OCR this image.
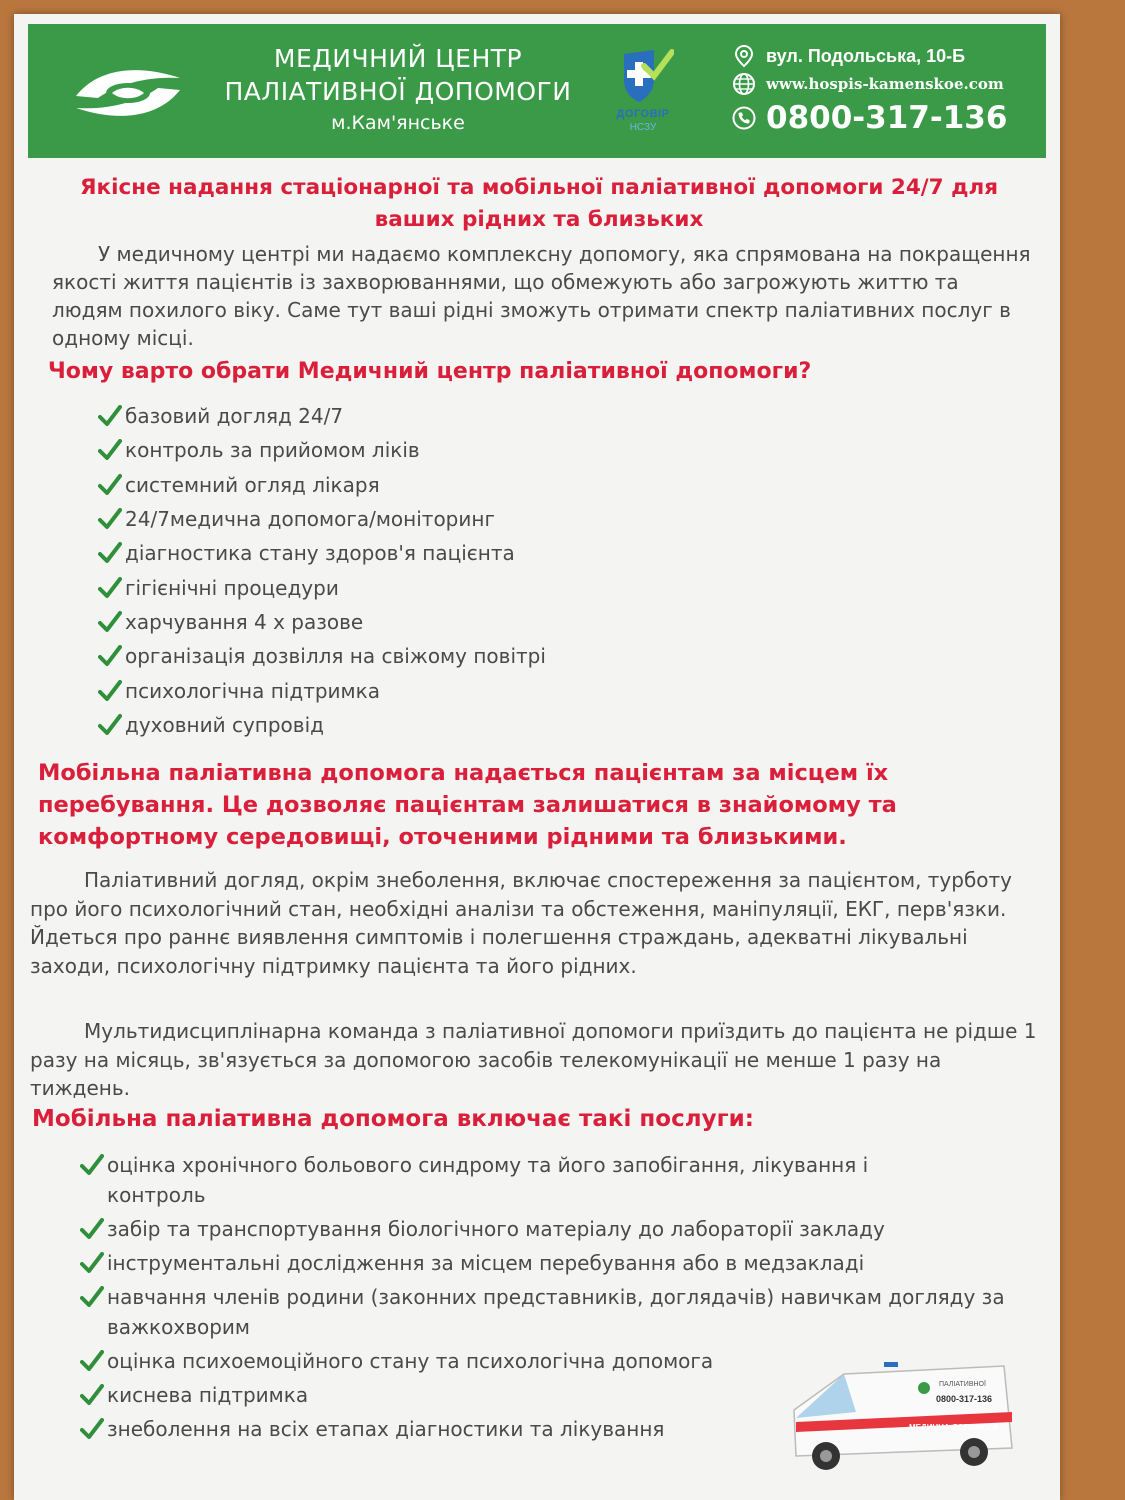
МЕДИЧНИЙ ЦЕНТР
ПАЛІАТИВНОЇ ДОПОМОГИ
м.Кам'янське	ДОГОВІР
НСЗУ
вул. Подольська, 10-Б
www.hospis-kamenskoe.com
0800-317-136
Якісне надання стаціонарної та мобільної паліативної допомоги 24/7 для ваших рідних та близьких
У медичному центрі ми надаємо комплексну допомогу, яка спрямована на покращення якості життя пацієнтів із захворюваннями, що обмежують або загрожують життю та людям похилого віку. Саме тут ваші рідні зможуть отримати спектр паліативних послуг в одному місці.
Чому варто обрати Медичний центр паліативної допомоги?
базовий догляд 24/7
контроль за прийомом ліків
системний огляд лікаря
24/7медична допомога/моніторинг
діагностика стану здоров'я пацієнта
гігієнічні процедури
харчування 4 х разове
організація дозвілля на свіжому повітрі
психологічна підтримка
духовний супровід
Мобільна паліативна допомога надається пацієнтам за місцем їх перебування. Це дозволяє пацієнтам залишатися в знайомому та комфортному середовищі, оточеними рідними та близькими.
Паліативний догляд, окрім знеболення, включає спостереження за пацієнтом, турботу про його психологічний стан, необхідні аналізи та обстеження, маніпуляції, ЕКГ, перв'язки. Йдеться про раннє виявлення симптомів і полегшення страждань, адекватні лікувальні заходи, психологічну підтримку пацієнта та його рідних.
Мультидисциплінарна команда з паліативної допомоги приїздить до пацієнта не рідше 1 разу на місяць, зв'язується за допомогою засобів телекомунікації не менше 1 разу на тиждень.
Мобільна паліативна допомога включає такі послуги:
оцінка хронічного больового синдрому та його запобігання, лікування і контроль
забір та транспортування біологічного матеріалу до лабораторії закладу
інструментальні дослідження за місцем перебування або в медзакладі
навчання членів родини (законних представників, доглядачів) навичкам догляду за важкохворим
оцінка психоемоційного стану та психологічна допомога
киснева підтримка
знеболення на всіх етапах діагностики та лікування
ПАЛІАТИВНОЇ
0800-317-136
МЕДИЧНА ДОПОМОГА
